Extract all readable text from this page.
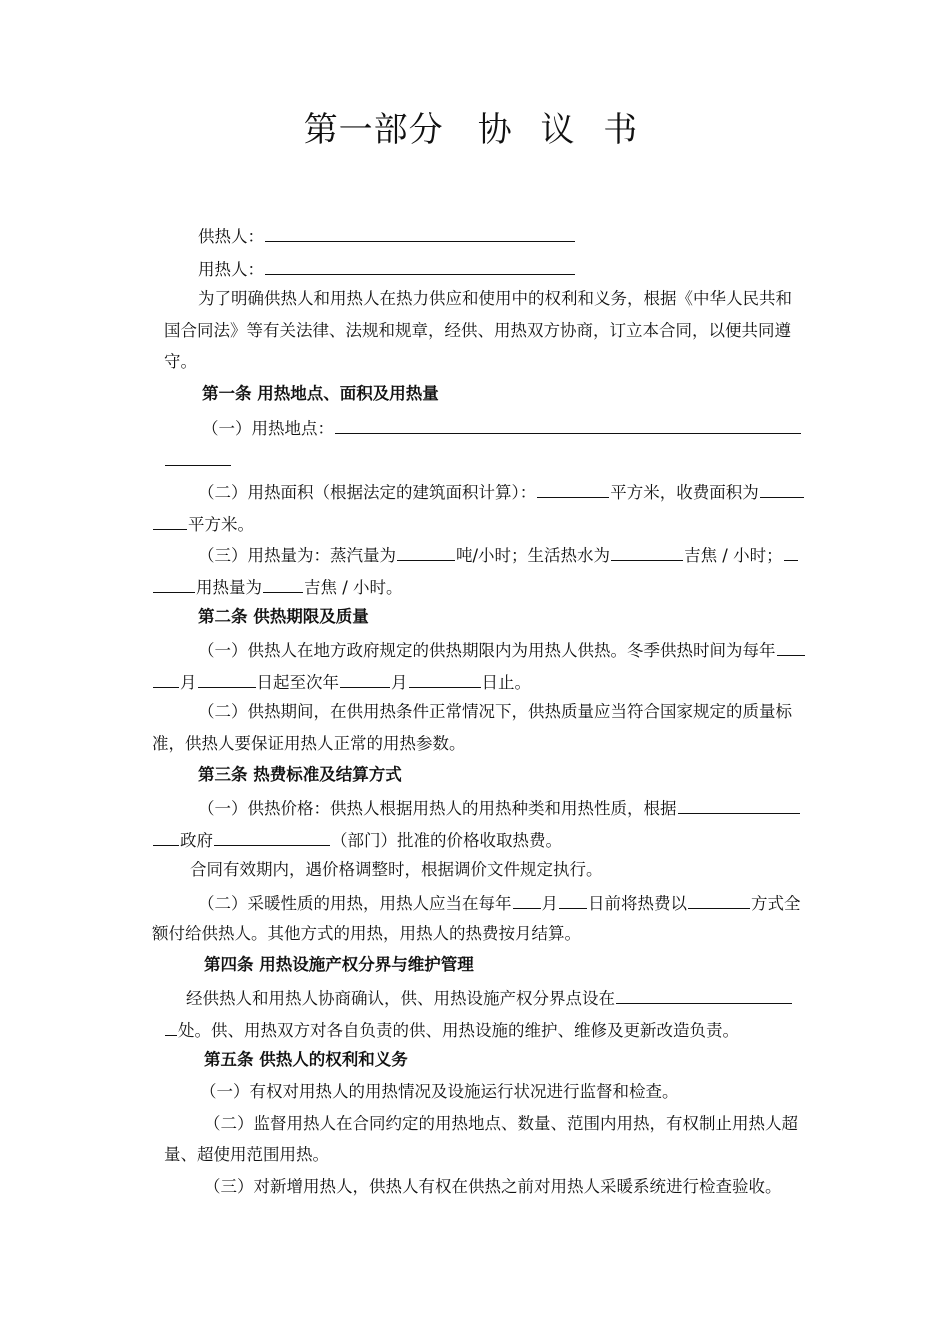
第一部分 协 议 书
供热人：
用热人：
为了明确供热人和用热人在热力供应和使用中的权利和义务，根据《中华人民共和
国合同法》等有关法律、法规和规章，经供、用热双方协商，订立本合同，以便共同遵
守。
第一条 用热地点、面积及用热量
（一）用热地点：
（二）用热面积（根据法定的建筑面积计算）：	平方米，收费面积为
平方米。
（三）用热量为：蒸汽量为	吨/小时；生活热水为	吉焦 / 小时；
用热量为	吉焦 / 小时。
第二条 供热期限及质量
（一）供热人在地方政府规定的供热期限内为用热人供热。冬季供热时间为每年
月	日起至次年	月	日止。
（二）供热期间，在供用热条件正常情况下，供热质量应当符合国家规定的质量标
准，供热人要保证用热人正常的用热参数。
第三条 热费标准及结算方式
（一）供热价格：供热人根据用热人的用热种类和用热性质，根据
政府	（部门）批准的价格收取热费。
合同有效期内，遇价格调整时，根据调价文件规定执行。
（二）采暖性质的用热，用热人应当在每年 月 日前将热费以	方式全
额付给供热人。其他方式的用热，用热人的热费按月结算。
第四条 用热设施产权分界与维护管理
经供热人和用热人协商确认，供、用热设施产权分界点设在
处。供、用热双方对各自负责的供、用热设施的维护、维修及更新改造负责。
第五条 供热人的权利和义务
（一）有权对用热人的用热情况及设施运行状况进行监督和检查。
（二）监督用热人在合同约定的用热地点、数量、范围内用热，有权制止用热人超
量、超使用范围用热。
（三）对新增用热人，供热人有权在供热之前对用热人采暖系统进行检查验收。
